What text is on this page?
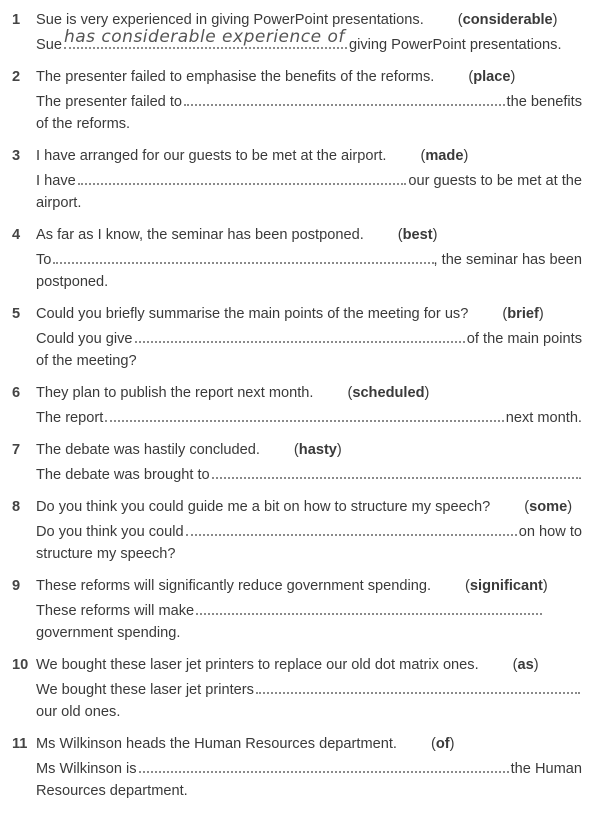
1	Sue is very experienced in giving PowerPoint presentations. (considerable)
Sue has considerable experience of giving PowerPoint presentations.
2	The presenter failed to emphasise the benefits of the reforms. (place)
The presenter failed to	the benefits
of the reforms.
3	I have arranged for our guests to be met at the airport. (made)
I have	our guests to be met at the
airport.
4	As far as I know, the seminar has been postponed. (best)
To	, the seminar has been
postponed.
5	Could you briefly summarise the main points of the meeting for us? (brief)
Could you give	of the main points
of the meeting?
6	They plan to publish the report next month. (scheduled)
The report	next month.
7	The debate was hastily concluded. (hasty)
The debate was brought to	.
8	Do you think you could guide me a bit on how to structure my speech? (some)
Do you think you could	on how to
structure my speech?
9	These reforms will significantly reduce government spending. (significant)
These reforms will make
government spending.
10 We bought these laser jet printers to replace our old dot matrix ones. (as)
We bought these laser jet printers
our old ones.
11 Ms Wilkinson heads the Human Resources department. (of)
Ms Wilkinson is	the Human
Resources department.
